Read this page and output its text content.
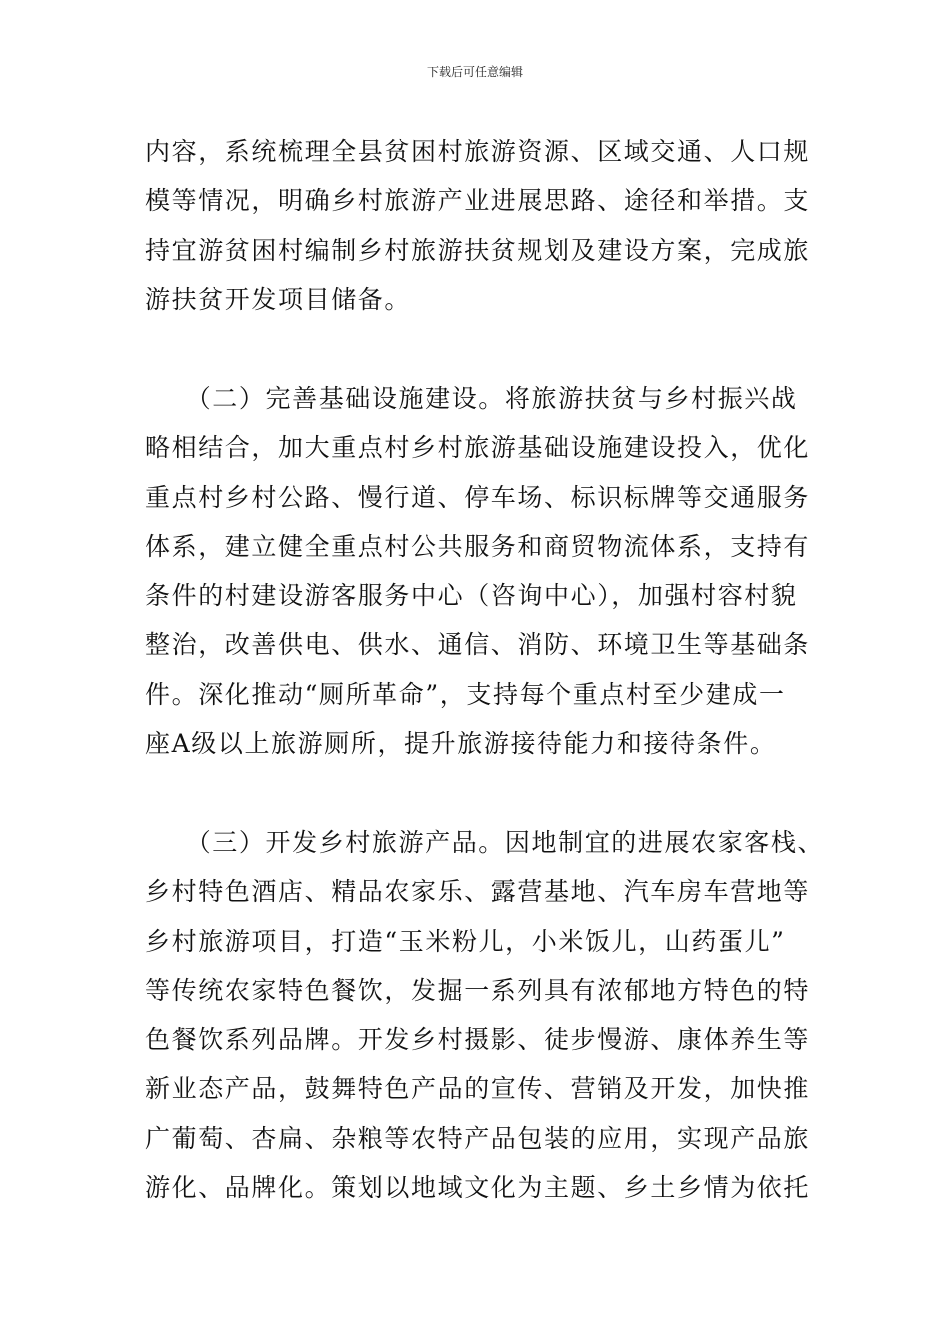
下载后可任意编辑
内容，系统梳理全县贫困村旅游资源、区域交通、人口规
模等情况，明确乡村旅游产业进展思路、途径和举措。支
持宜游贫困村编制乡村旅游扶贫规划及建设方案，完成旅
游扶贫开发项目储备。
　　（二）完善基础设施建设。将旅游扶贫与乡村振兴战
略相结合，加大重点村乡村旅游基础设施建设投入，优化
重点村乡村公路、慢行道、停车场、标识标牌等交通服务
体系，建立健全重点村公共服务和商贸物流体系，支持有
条件的村建设游客服务中心（咨询中心），加强村容村貌
整治，改善供电、供水、通信、消防、环境卫生等基础条
件。深化推动“厕所革命”，支持每个重点村至少建成一
座A级以上旅游厕所，提升旅游接待能力和接待条件。
　　（三）开发乡村旅游产品。因地制宜的进展农家客栈、
乡村特色酒店、精品农家乐、露营基地、汽车房车营地等
乡村旅游项目，打造“玉米粉儿，小米饭儿，山药蛋儿”
等传统农家特色餐饮，发掘一系列具有浓郁地方特色的特
色餐饮系列品牌。开发乡村摄影、徒步慢游、康体养生等
新业态产品，鼓舞特色产品的宣传、营销及开发，加快推
广葡萄、杏扁、杂粮等农特产品包装的应用，实现产品旅
游化、品牌化。策划以地域文化为主题、乡土乡情为依托
